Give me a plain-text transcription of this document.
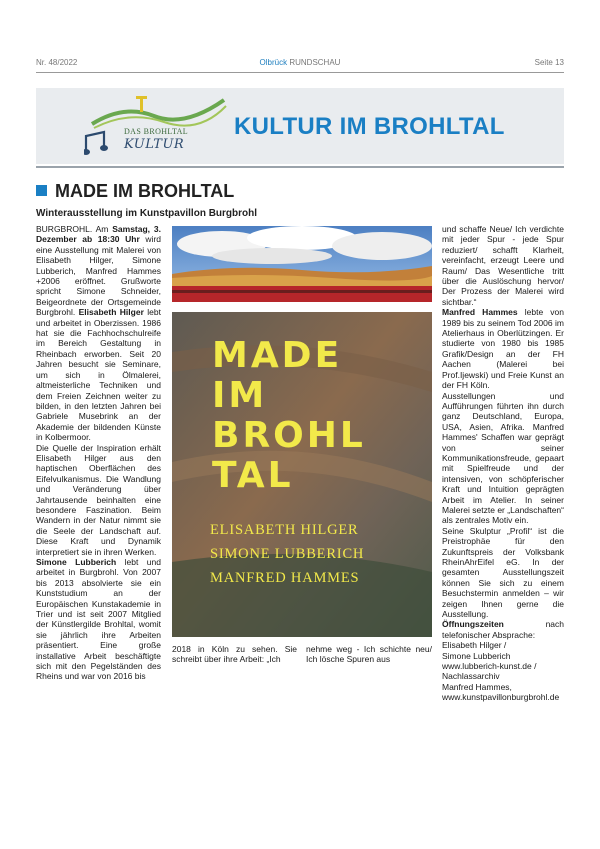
Nr. 48/2022	Olbrück RUNDSCHAU	Seite 13
KULTUR IM BROHLTAL
DAS BROHLTAL
KULTUR
MADE IM BROHLTAL
Winterausstellung im Kunstpavillon Burgbrohl

BURGBROHL. Am Samstag, 3. Dezember ab 18:30 Uhr wird eine Ausstellung mit Malerei von Elisabeth Hilger, Simone Lubberich, Manfred Hammes +2006 eröffnet. Grußworte spricht Simone Schneider, Beigeordnete der Ortsgemeinde Burgbrohl. Elisabeth Hilger lebt und arbeitet in Oberzissen. 1986 hat sie die Fachhochschulreife im Bereich Gestaltung in Rheinbach erworben. Seit 20 Jahren besucht sie Seminare, um sich in Ölmalerei, altmeisterliche Techniken und dem Freien Zeichnen weiter zu bilden, in den letzten Jahren bei Gabriele Musebrink an der Akademie der bildenden Künste in Kolbermoor.

Die Quelle der Inspiration erhält Elisabeth Hilger aus den haptischen Oberflächen des Eifelvulkanismus. Die Wandlung und Veränderung über Jahrtausende beinhalten eine besondere Faszination. Beim Wandern in der Natur nimmt sie die Seele der Landschaft auf. Diese Kraft und Dynamik interpretiert sie in ihren Werken.

Simone Lubberich lebt und arbeitet in Burgbrohl. Von 2007 bis 2013 absolvierte sie ein Kunststudium an der Europäischen Kunstakademie in Trier und ist seit 2007 Mitglied der Künstlergilde Brohltal, womit sie jährlich ihre Arbeiten präsentiert. Eine große installative Arbeit beschäftigte sich mit den Pegelständen des Rheins und war von 2016 bis

MADE
IM
BROHL
TAL
ELISABETH HILGER
SIMONE LUBBERICH
MANFRED HAMMES
2018 in Köln zu sehen. Sie schreibt über ihre Arbeit: „Ich
nehme weg - Ich schichte neu/ Ich lösche Spuren aus

und schaffe Neue/ Ich verdichte mit jeder Spur - jede Spur reduziert/ schafft Klarheit, vereinfacht, erzeugt Leere und Raum/ Das Wesentliche tritt über die Auslöschung hervor/ Der Prozess der Malerei wird sichtbar.“

Manfred Hammes lebte von 1989 bis zu seinem Tod 2006 im Atelierhaus in Oberlützingen. Er studierte von 1980 bis 1985 Grafik/Design an der FH Aachen (Malerei bei Prof.Ijewski) und Freie Kunst an der FH Köln.

Ausstellungen und Aufführungen führten ihn durch ganz Deutschland, Europa, USA, Asien, Afrika. Manfred Hammes' Schaffen war geprägt von seiner Kommunikationsfreude, gepaart mit Spielfreude und der intensiven, von schöpferischer Kraft und Intuition geprägten Arbeit im Atelier. In seiner Malerei setzte er „Landschaften“ als zentrales Motiv ein.

Seine Skulptur „Profil“ ist die Preistrophäe für den Zukunftspreis der Volksbank RheinAhrEifel eG. In der gesamten Ausstellungszeit können Sie sich zu einem Besuchstermin anmelden – wir zeigen Ihnen gerne die Ausstellung.

Öffnungszeiten nach telefonischer Absprache:

Elisabeth Hilger /

Simone Lubberich

www.lubberich-kunst.de /

Nachlassarchiv

Manfred Hammes,

www.kunstpavillonburgbrohl.de
